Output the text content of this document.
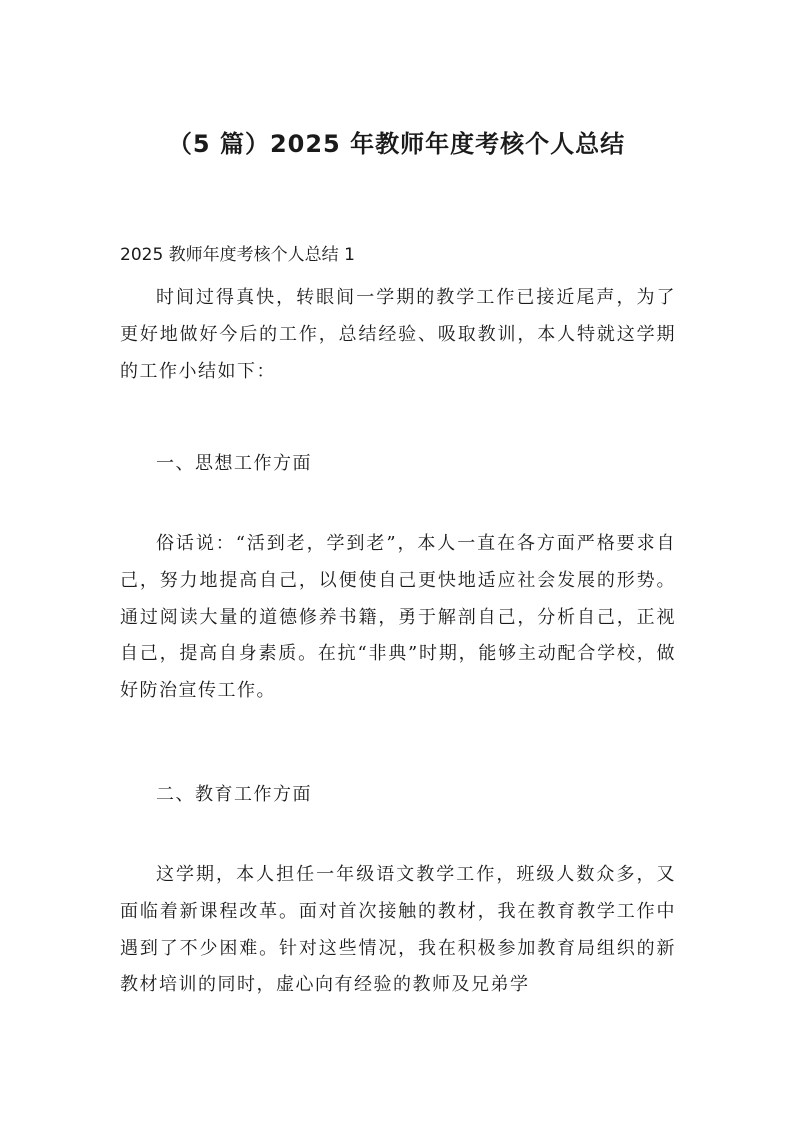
（5 篇）2025 年教师年度考核个人总结

2025 教师年度考核个人总结 1

时间过得真快，转眼间一学期的教学工作已接近尾声，为了更好地做好今后的工作，总结经验、吸取教训，本人特就这学期的工作小结如下：

一、思想工作方面

俗话说：“活到老，学到老”，本人一直在各方面严格要求自己，努力地提高自己，以便使自己更快地适应社会发展的形势。通过阅读大量的道德修养书籍，勇于解剖自己，分析自己，正视自己，提高自身素质。在抗“非典”时期，能够主动配合学校，做好防治宣传工作。

二、教育工作方面

这学期，本人担任一年级语文教学工作，班级人数众多，又面临着新课程改革。面对首次接触的教材，我在教育教学工作中遇到了不少困难。针对这些情况，我在积极参加教育局组织的新教材培训的同时，虚心向有经验的教师及兄弟学
